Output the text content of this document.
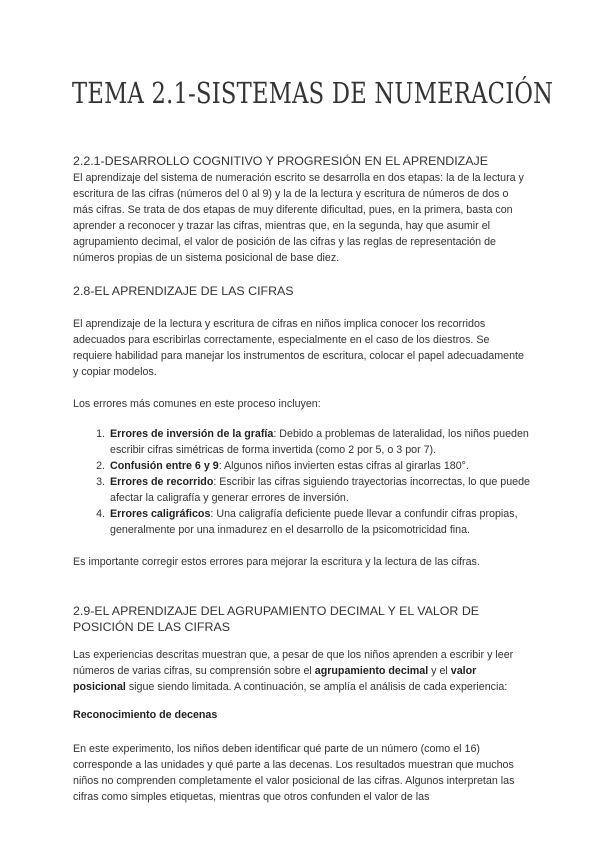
TEMA 2.1-SISTEMAS DE NUMERACIÓN
2.2.1-DESARROLLO COGNITIVO Y PROGRESIÓN EN EL APRENDIZAJE

El aprendizaje del sistema de numeración escrito se desarrolla en dos etapas: la de la lectura y escritura de las cifras (números del 0 al 9) y la de la lectura y escritura de números de dos o más cifras. Se trata de dos etapas de muy diferente dificultad, pues, en la primera, basta con aprender a reconocer y trazar las cifras, mientras que, en la segunda, hay que asumir el agrupamiento decimal, el valor de posición de las cifras y las reglas de representación de números propias de un sistema posicional de base diez.

2.8-EL APRENDIZAJE DE LAS CIFRAS

El aprendizaje de la lectura y escritura de cifras en niños implica conocer los recorridos adecuados para escribirlas correctamente, especialmente en el caso de los diestros. Se requiere habilidad para manejar los instrumentos de escritura, colocar el papel adecuadamente y copiar modelos.

Los errores más comunes en este proceso incluyen:

1. Errores de inversión de la grafía: Debido a problemas de lateralidad, los niños pueden escribir cifras simétricas de forma invertida (como 2 por 5, o 3 por 7).
2. Confusión entre 6 y 9: Algunos niños invierten estas cifras al girarlas 180°.
3. Errores de recorrido: Escribir las cifras siguiendo trayectorias incorrectas, lo que puede afectar la caligrafía y generar errores de inversión.
4. Errores caligráficos: Una caligrafía deficiente puede llevar a confundir cifras propias, generalmente por una inmadurez en el desarrollo de la psicomotricidad fina.

Es importante corregir estos errores para mejorar la escritura y la lectura de las cifras.

2.9-EL APRENDIZAJE DEL AGRUPAMIENTO DECIMAL Y EL VALOR DE POSICIÓN DE LAS CIFRAS

Las experiencias descritas muestran que, a pesar de que los niños aprenden a escribir y leer números de varias cifras, su comprensión sobre el agrupamiento decimal y el valor posicional sigue siendo limitada. A continuación, se amplía el análisis de cada experiencia:

Reconocimiento de decenas

En este experimento, los niños deben identificar qué parte de un número (como el 16) corresponde a las unidades y qué parte a las decenas. Los resultados muestran que muchos niños no comprenden completamente el valor posicional de las cifras. Algunos interpretan las cifras como simples etiquetas, mientras que otros confunden el valor de las
